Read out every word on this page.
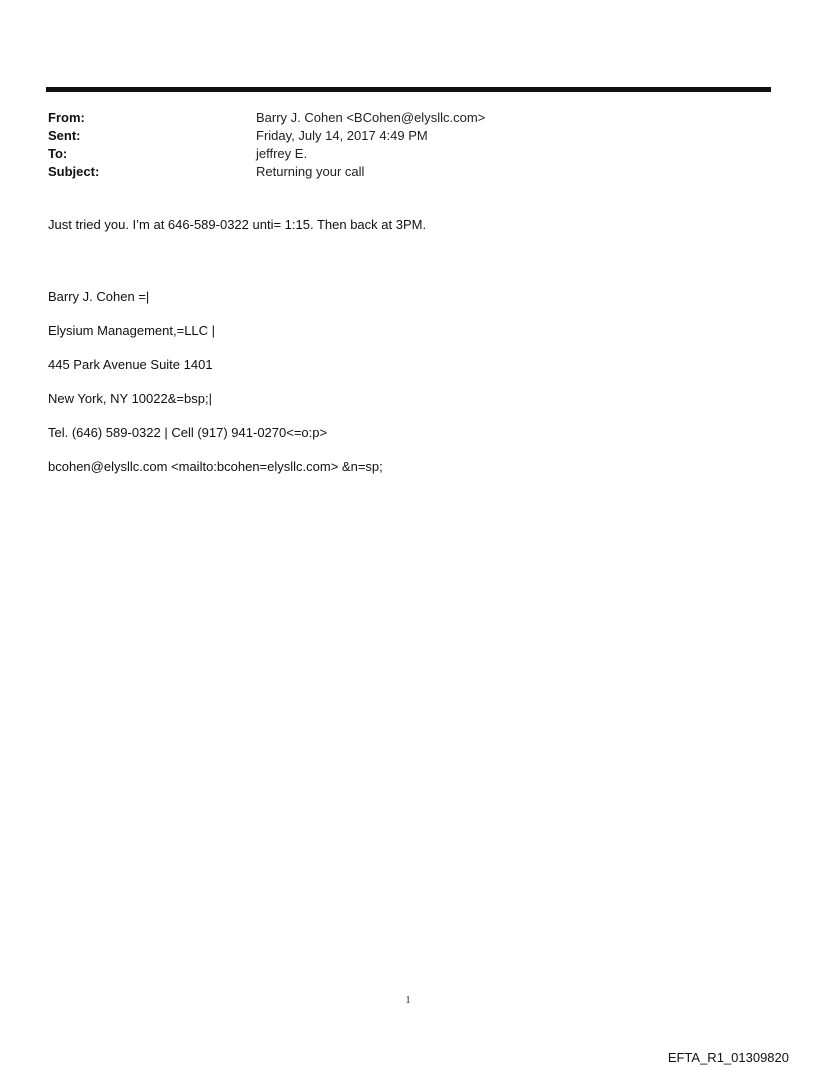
From:	Barry J. Cohen <BCohen@elysllc.com>
Sent:	Friday, July 14, 2017 4:49 PM
To:	jeffrey E.
Subject:	Returning your call
Just tried you. I’m at 646-589-0322 unti= 1:15. Then back at 3PM.
Barry J. Cohen =|
Elysium Management,=LLC |
445 Park Avenue Suite 1401
New York, NY 10022&=bsp;|
Tel. (646) 589-0322 | Cell (917) 941-0270<=o:p>
bcohen@elysllc.com <mailto:bcohen=elysllc.com> &n=sp;
1
EFTA_R1_01309820
